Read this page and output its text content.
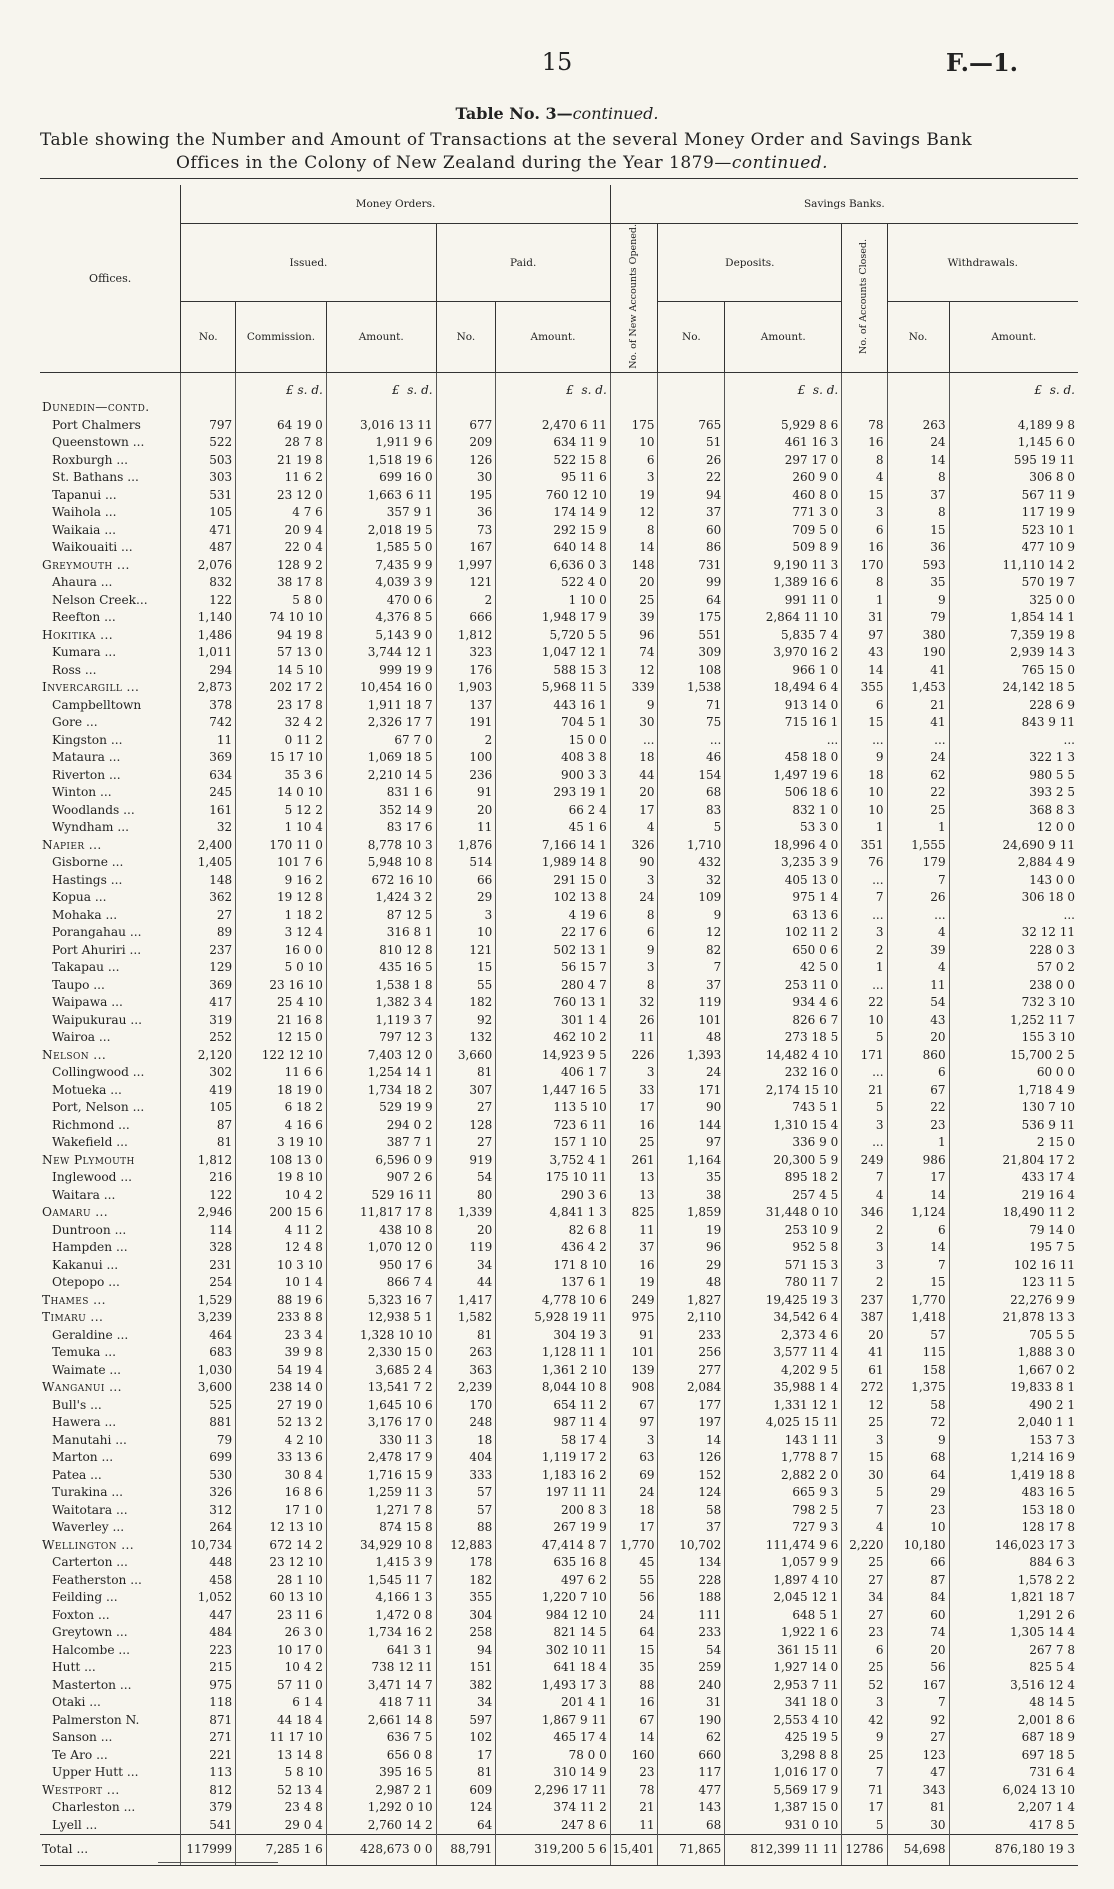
15	F.—1.
Table No. 3—continued.
Table showing the Number and Amount of Transactions at the several Money Order and Savings Bank
Offices in the Colony of New Zealand during the Year 1879—continued.
Offices.	Money Orders.					Savings Banks.					
	Issued.			Paid.		No. of New Accounts Opened.	Deposits.		No. of Accounts Closed.	Withdrawals.	
	No.	Commission.	Amount.	No.	Amount.		No.	Amount.		No.	Amount.
		£ s. d.	£ s. d.		£ s. d.			£ s. d.			£ s. d.
Dunedin—contd.											
Port Chalmers	797	64 19 0	3,016 13 11	677	2,470 6 11	175	765	5,929 8 6	78	263	4,189 9 8
Queenstown ...	522	28 7 8	1,911 9 6	209	634 11 9	10	51	461 16 3	16	24	1,145 6 0
Roxburgh ...	503	21 19 8	1,518 19 6	126	522 15 8	6	26	297 17 0	8	14	595 19 11
St. Bathans ...	303	11 6 2	699 16 0	30	95 11 6	3	22	260 9 0	4	8	306 8 0
Tapanui ...	531	23 12 0	1,663 6 11	195	760 12 10	19	94	460 8 0	15	37	567 11 9
Waihola ...	105	4 7 6	357 9 1	36	174 14 9	12	37	771 3 0	3	8	117 19 9
Waikaia ...	471	20 9 4	2,018 19 5	73	292 15 9	8	60	709 5 0	6	15	523 10 1
Waikouaiti ...	487	22 0 4	1,585 5 0	167	640 14 8	14	86	509 8 9	16	36	477 10 9
Greymouth ...	2,076	128 9 2	7,435 9 9	1,997	6,636 0 3	148	731	9,190 11 3	170	593	11,110 14 2
Ahaura ...	832	38 17 8	4,039 3 9	121	522 4 0	20	99	1,389 16 6	8	35	570 19 7
Nelson Creek...	122	5 8 0	470 0 6	2	1 10 0	25	64	991 11 0	1	9	325 0 0
Reefton ...	1,140	74 10 10	4,376 8 5	666	1,948 17 9	39	175	2,864 11 10	31	79	1,854 14 1
Hokitika ...	1,486	94 19 8	5,143 9 0	1,812	5,720 5 5	96	551	5,835 7 4	97	380	7,359 19 8
Kumara ...	1,011	57 13 0	3,744 12 1	323	1,047 12 1	74	309	3,970 16 2	43	190	2,939 14 3
Ross ...	294	14 5 10	999 19 9	176	588 15 3	12	108	966 1 0	14	41	765 15 0
Invercargill ...	2,873	202 17 2	10,454 16 0	1,903	5,968 11 5	339	1,538	18,494 6 4	355	1,453	24,142 18 5
Campbelltown	378	23 17 8	1,911 18 7	137	443 16 1	9	71	913 14 0	6	21	228 6 9
Gore ...	742	32 4 2	2,326 17 7	191	704 5 1	30	75	715 16 1	15	41	843 9 11
Kingston ...	11	0 11 2	67 7 0	2	15 0 0	...	...	...	...	...	...
Mataura ...	369	15 17 10	1,069 18 5	100	408 3 8	18	46	458 18 0	9	24	322 1 3
Riverton ...	634	35 3 6	2,210 14 5	236	900 3 3	44	154	1,497 19 6	18	62	980 5 5
Winton ...	245	14 0 10	831 1 6	91	293 19 1	20	68	506 18 6	10	22	393 2 5
Woodlands ...	161	5 12 2	352 14 9	20	66 2 4	17	83	832 1 0	10	25	368 8 3
Wyndham ...	32	1 10 4	83 17 6	11	45 1 6	4	5	53 3 0	1	1	12 0 0
Napier ...	2,400	170 11 0	8,778 10 3	1,876	7,166 14 1	326	1,710	18,996 4 0	351	1,555	24,690 9 11
Gisborne ...	1,405	101 7 6	5,948 10 8	514	1,989 14 8	90	432	3,235 3 9	76	179	2,884 4 9
Hastings ...	148	9 16 2	672 16 10	66	291 15 0	3	32	405 13 0	...	7	143 0 0
Kopua ...	362	19 12 8	1,424 3 2	29	102 13 8	24	109	975 1 4	7	26	306 18 0
Mohaka ...	27	1 18 2	87 12 5	3	4 19 6	8	9	63 13 6	...	...	...
Porangahau ...	89	3 12 4	316 8 1	10	22 17 6	6	12	102 11 2	3	4	32 12 11
Port Ahuriri ...	237	16 0 0	810 12 8	121	502 13 1	9	82	650 0 6	2	39	228 0 3
Takapau ...	129	5 0 10	435 16 5	15	56 15 7	3	7	42 5 0	1	4	57 0 2
Taupo ...	369	23 16 10	1,538 1 8	55	280 4 7	8	37	253 11 0	...	11	238 0 0
Waipawa ...	417	25 4 10	1,382 3 4	182	760 13 1	32	119	934 4 6	22	54	732 3 10
Waipukurau ...	319	21 16 8	1,119 3 7	92	301 1 4	26	101	826 6 7	10	43	1,252 11 7
Wairoa ...	252	12 15 0	797 12 3	132	462 10 2	11	48	273 18 5	5	20	155 3 10
Nelson ...	2,120	122 12 10	7,403 12 0	3,660	14,923 9 5	226	1,393	14,482 4 10	171	860	15,700 2 5
Collingwood ...	302	11 6 6	1,254 14 1	81	406 1 7	3	24	232 16 0	...	6	60 0 0
Motueka ...	419	18 19 0	1,734 18 2	307	1,447 16 5	33	171	2,174 15 10	21	67	1,718 4 9
Port, Nelson ...	105	6 18 2	529 19 9	27	113 5 10	17	90	743 5 1	5	22	130 7 10
Richmond ...	87	4 16 6	294 0 2	128	723 6 11	16	144	1,310 15 4	3	23	536 9 11
Wakefield ...	81	3 19 10	387 7 1	27	157 1 10	25	97	336 9 0	...	1	2 15 0
New Plymouth	1,812	108 13 0	6,596 0 9	919	3,752 4 1	261	1,164	20,300 5 9	249	986	21,804 17 2
Inglewood ...	216	19 8 10	907 2 6	54	175 10 11	13	35	895 18 2	7	17	433 17 4
Waitara ...	122	10 4 2	529 16 11	80	290 3 6	13	38	257 4 5	4	14	219 16 4
Oamaru ...	2,946	200 15 6	11,817 17 8	1,339	4,841 1 3	825	1,859	31,448 0 10	346	1,124	18,490 11 2
Duntroon ...	114	4 11 2	438 10 8	20	82 6 8	11	19	253 10 9	2	6	79 14 0
Hampden ...	328	12 4 8	1,070 12 0	119	436 4 2	37	96	952 5 8	3	14	195 7 5
Kakanui ...	231	10 3 10	950 17 6	34	171 8 10	16	29	571 15 3	3	7	102 16 11
Otepopo ...	254	10 1 4	866 7 4	44	137 6 1	19	48	780 11 7	2	15	123 11 5
Thames ...	1,529	88 19 6	5,323 16 7	1,417	4,778 10 6	249	1,827	19,425 19 3	237	1,770	22,276 9 9
Timaru ...	3,239	233 8 8	12,938 5 1	1,582	5,928 19 11	975	2,110	34,542 6 4	387	1,418	21,878 13 3
Geraldine ...	464	23 3 4	1,328 10 10	81	304 19 3	91	233	2,373 4 6	20	57	705 5 5
Temuka ...	683	39 9 8	2,330 15 0	263	1,128 11 1	101	256	3,577 11 4	41	115	1,888 3 0
Waimate ...	1,030	54 19 4	3,685 2 4	363	1,361 2 10	139	277	4,202 9 5	61	158	1,667 0 2
Wanganui ...	3,600	238 14 0	13,541 7 2	2,239	8,044 10 8	908	2,084	35,988 1 4	272	1,375	19,833 8 1
Bull's ...	525	27 19 0	1,645 10 6	170	654 11 2	67	177	1,331 12 1	12	58	490 2 1
Hawera ...	881	52 13 2	3,176 17 0	248	987 11 4	97	197	4,025 15 11	25	72	2,040 1 1
Manutahi ...	79	4 2 10	330 11 3	18	58 17 4	3	14	143 1 11	3	9	153 7 3
Marton ...	699	33 13 6	2,478 17 9	404	1,119 17 2	63	126	1,778 8 7	15	68	1,214 16 9
Patea ...	530	30 8 4	1,716 15 9	333	1,183 16 2	69	152	2,882 2 0	30	64	1,419 18 8
Turakina ...	326	16 8 6	1,259 11 3	57	197 11 11	24	124	665 9 3	5	29	483 16 5
Waitotara ...	312	17 1 0	1,271 7 8	57	200 8 3	18	58	798 2 5	7	23	153 18 0
Waverley ...	264	12 13 10	874 15 8	88	267 19 9	17	37	727 9 3	4	10	128 17 8
Wellington ...	10,734	672 14 2	34,929 10 8	12,883	47,414 8 7	1,770	10,702	111,474 9 6	2,220	10,180	146,023 17 3
Carterton ...	448	23 12 10	1,415 3 9	178	635 16 8	45	134	1,057 9 9	25	66	884 6 3
Featherston ...	458	28 1 10	1,545 11 7	182	497 6 2	55	228	1,897 4 10	27	87	1,578 2 2
Feilding ...	1,052	60 13 10	4,166 1 3	355	1,220 7 10	56	188	2,045 12 1	34	84	1,821 18 7
Foxton ...	447	23 11 6	1,472 0 8	304	984 12 10	24	111	648 5 1	27	60	1,291 2 6
Greytown ...	484	26 3 0	1,734 16 2	258	821 14 5	64	233	1,922 1 6	23	74	1,305 14 4
Halcombe ...	223	10 17 0	641 3 1	94	302 10 11	15	54	361 15 11	6	20	267 7 8
Hutt ...	215	10 4 2	738 12 11	151	641 18 4	35	259	1,927 14 0	25	56	825 5 4
Masterton ...	975	57 11 0	3,471 14 7	382	1,493 17 3	88	240	2,953 7 11	52	167	3,516 12 4
Otaki ...	118	6 1 4	418 7 11	34	201 4 1	16	31	341 18 0	3	7	48 14 5
Palmerston N.	871	44 18 4	2,661 14 8	597	1,867 9 11	67	190	2,553 4 10	42	92	2,001 8 6
Sanson ...	271	11 17 10	636 7 5	102	465 17 4	14	62	425 19 5	9	27	687 18 9
Te Aro ...	221	13 14 8	656 0 8	17	78 0 0	160	660	3,298 8 8	25	123	697 18 5
Upper Hutt ...	113	5 8 10	395 16 5	81	310 14 9	23	117	1,016 17 0	7	47	731 6 4
Westport ...	812	52 13 4	2,987 2 1	609	2,296 17 11	78	477	5,569 17 9	71	343	6,024 13 10
Charleston ...	379	23 4 8	1,292 0 10	124	374 11 2	21	143	1,387 15 0	17	81	2,207 1 4
Lyell ...	541	29 0 4	2,760 14 2	64	247 8 6	11	68	931 0 10	5	30	417 8 5
Total ...	117999	7,285 1 6	428,673 0 0	88,791	319,200 5 6	15,401	71,865	812,399 11 11	12786	54,698	876,180 19 3
